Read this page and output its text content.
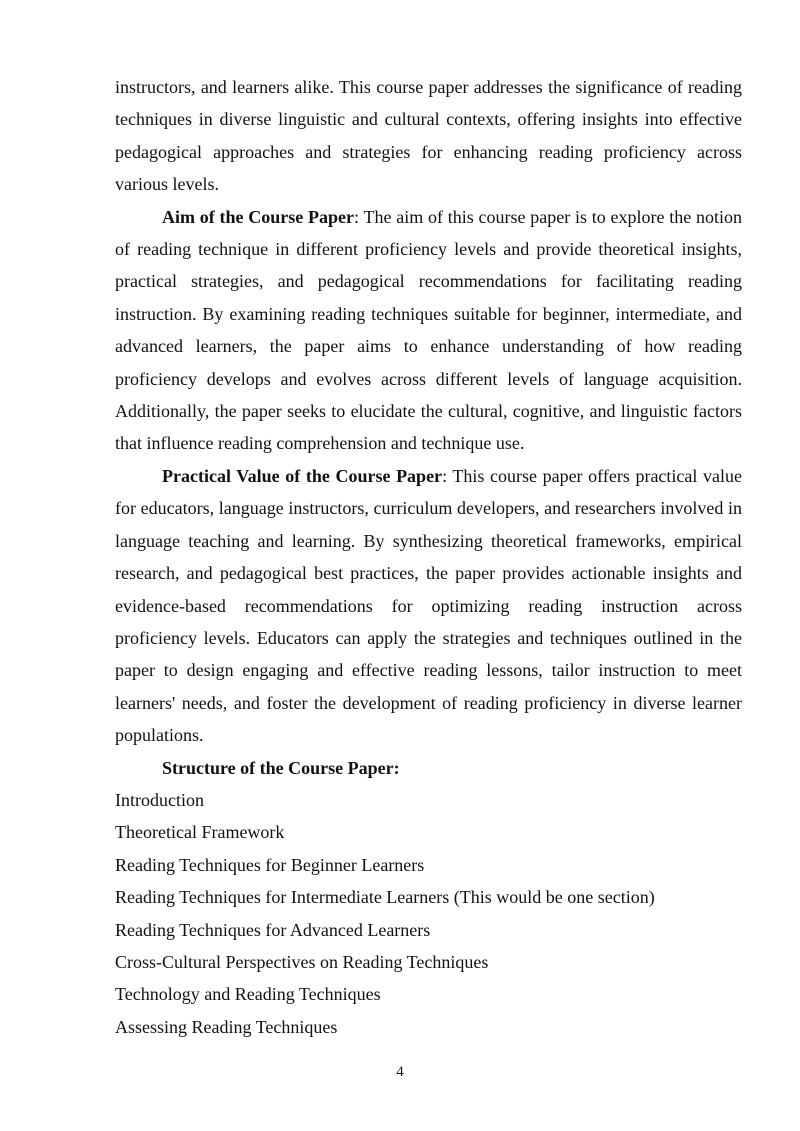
instructors, and learners alike. This course paper addresses the significance of reading techniques in diverse linguistic and cultural contexts, offering insights into effective pedagogical approaches and strategies for enhancing reading proficiency across various levels.

Aim of the Course Paper: The aim of this course paper is to explore the notion of reading technique in different proficiency levels and provide theoretical insights, practical strategies, and pedagogical recommendations for facilitating reading instruction. By examining reading techniques suitable for beginner, intermediate, and advanced learners, the paper aims to enhance understanding of how reading proficiency develops and evolves across different levels of language acquisition. Additionally, the paper seeks to elucidate the cultural, cognitive, and linguistic factors that influence reading comprehension and technique use.

Practical Value of the Course Paper: This course paper offers practical value for educators, language instructors, curriculum developers, and researchers involved in language teaching and learning. By synthesizing theoretical frameworks, empirical research, and pedagogical best practices, the paper provides actionable insights and evidence-based recommendations for optimizing reading instruction across proficiency levels. Educators can apply the strategies and techniques outlined in the paper to design engaging and effective reading lessons, tailor instruction to meet learners' needs, and foster the development of reading proficiency in diverse learner populations.

Structure of the Course Paper:

Introduction
Theoretical Framework
Reading Techniques for Beginner Learners
Reading Techniques for Intermediate Learners (This would be one section)
Reading Techniques for Advanced Learners
Cross-Cultural Perspectives on Reading Techniques
Technology and Reading Techniques
Assessing Reading Techniques
4
